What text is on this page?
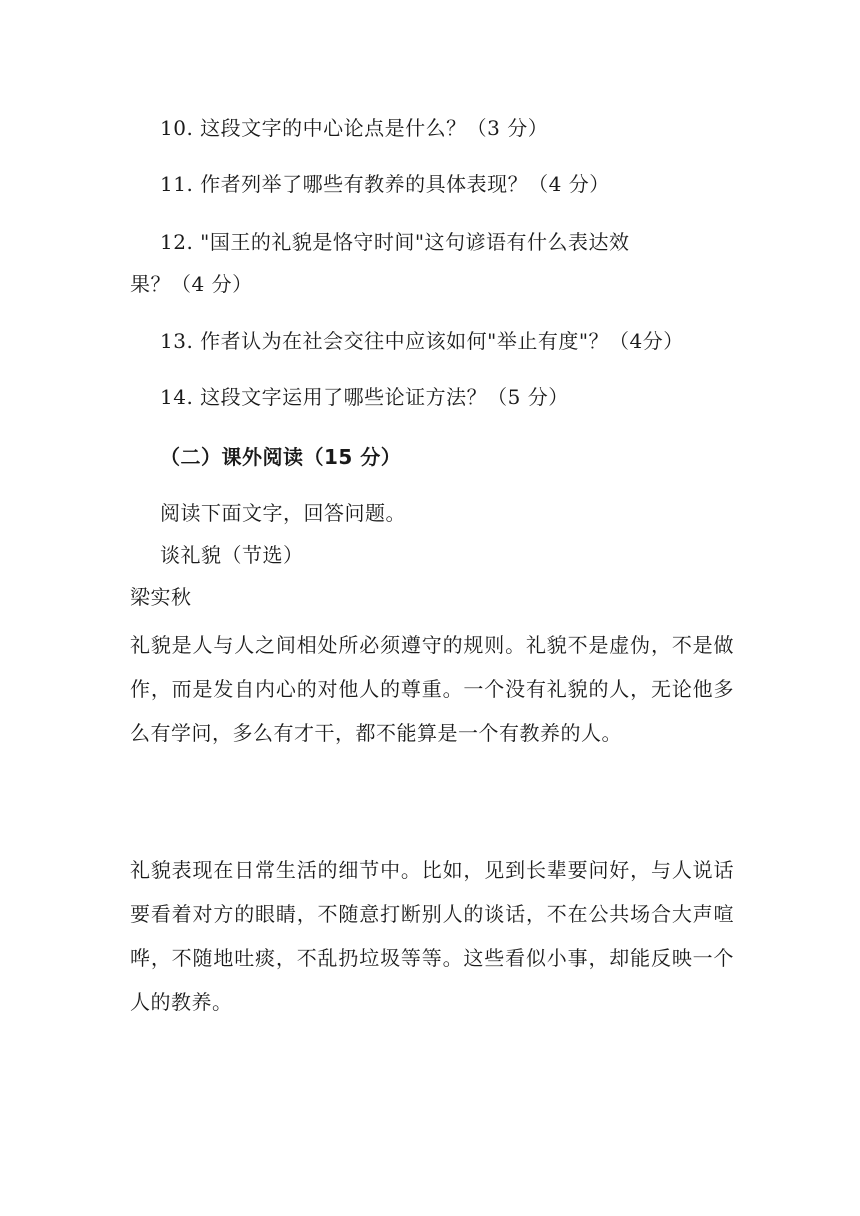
10. 这段文字的中心论点是什么？（3 分）
11. 作者列举了哪些有教养的具体表现？（4 分）
12. "国王的礼貌是恪守时间"这句谚语有什么表达效
果？（4 分）
13. 作者认为在社会交往中应该如何"举止有度"？（4分）
14. 这段文字运用了哪些论证方法？（5 分）
（二）课外阅读（15 分）
阅读下面文字，回答问题。
谈礼貌（节选）
梁实秋
礼貌是人与人之间相处所必须遵守的规则。礼貌不是虚伪，不是做作，而是发自内心的对他人的尊重。一个没有礼貌的人，无论他多么有学问，多么有才干，都不能算是一个有教养的人。
礼貌表现在日常生活的细节中。比如，见到长辈要问好，与人说话要看着对方的眼睛，不随意打断别人的谈话，不在公共场合大声喧哗，不随地吐痰，不乱扔垃圾等等。这些看似小事，却能反映一个人的教养。
